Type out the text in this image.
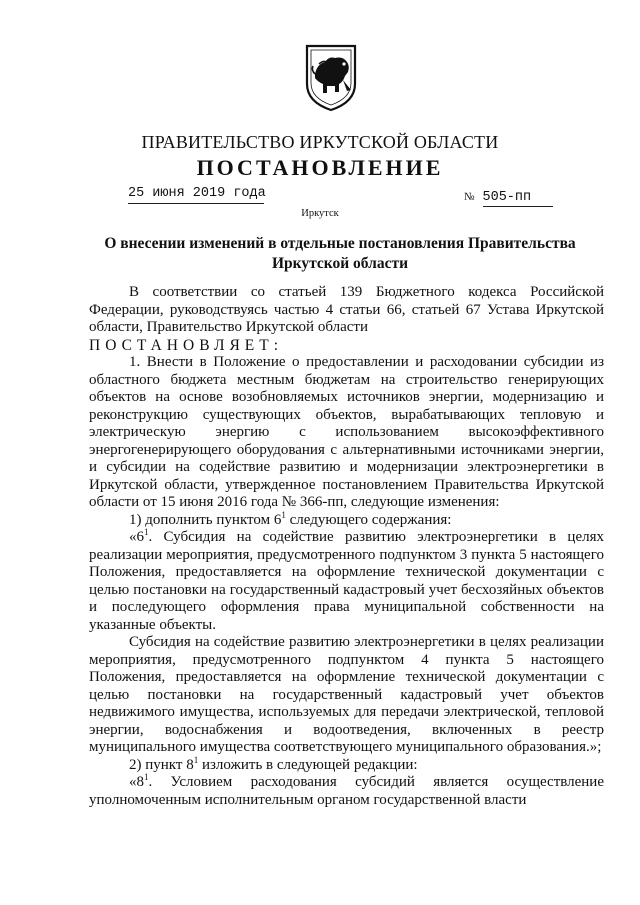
ПРАВИТЕЛЬСТВО ИРКУТСКОЙ ОБЛАСТИ
ПОСТАНОВЛЕНИЕ
25 июня 2019 года	№ 505-пп
Иркутск
О внесении изменений в отдельные постановления Правительства Иркутской области

В соответствии со статьей 139 Бюджетного кодекса Российской Федерации, руководствуясь частью 4 статьи 66, статьей 67 Устава Иркутской области, Правительство Иркутской области

ПОСТАНОВЛЯЕТ:

1. Внести в Положение о предоставлении и расходовании субсидии из областного бюджета местным бюджетам на строительство генерирующих объектов на основе возобновляемых источников энергии, модернизацию и реконструкцию существующих объектов, вырабатывающих тепловую и электрическую энергию с использованием высокоэффективного энергогенерирующего оборудования с альтернативными источниками энергии, и субсидии на содействие развитию и модернизации электроэнергетики в Иркутской области, утвержденное постановлением Правительства Иркутской области от 15 июня 2016 года № 366-пп, следующие изменения:

1) дополнить пунктом $6^1$ следующего содержания:

«$6^1$. Субсидия на содействие развитию электроэнергетики в целях реализации мероприятия, предусмотренного подпунктом 3 пункта 5 настоящего Положения, предоставляется на оформление технической документации с целью постановки на государственный кадастровый учет бесхозяйных объектов и последующего оформления права муниципальной собственности на указанные объекты.

Субсидия на содействие развитию электроэнергетики в целях реализации мероприятия, предусмотренного подпунктом 4 пункта 5 настоящего Положения, предоставляется на оформление технической документации с целью постановки на государственный кадастровый учет объектов недвижимого имущества, используемых для передачи электрической, тепловой энергии, водоснабжения и водоотведения, включенных в реестр муниципального имущества соответствующего муниципального образования.»;

2) пункт $8^1$ изложить в следующей редакции:

«$8^1$. Условием расходования субсидий является осуществление уполномоченным исполнительным органом государственной власти
